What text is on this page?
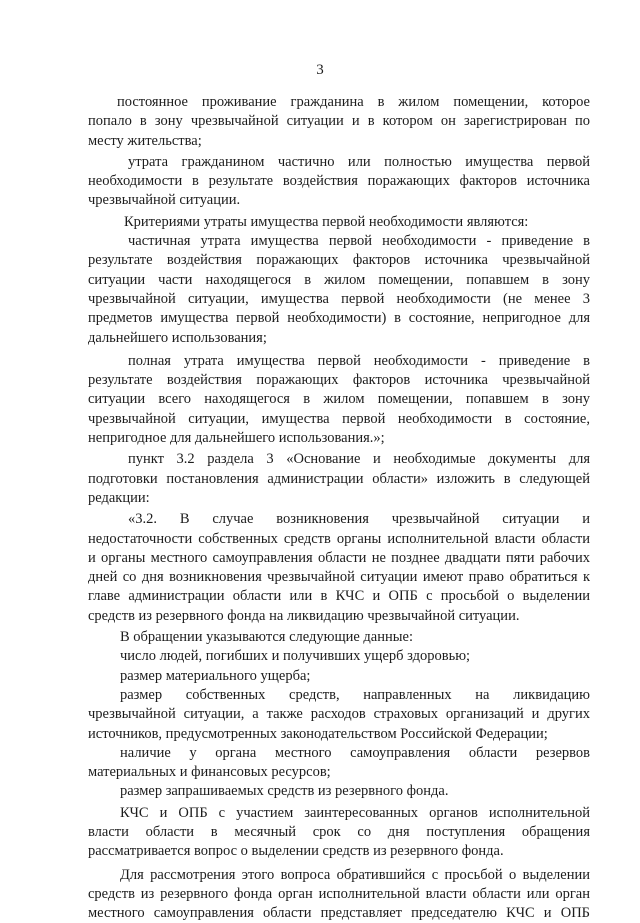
3
постоянное проживание гражданина в жилом помещении, которое
попало в зону чрезвычайной ситуации и в котором он зарегистрирован по
месту жительства;
утрата гражданином частично или полностью имущества первой
необходимости в результате воздействия поражающих факторов источника
чрезвычайной ситуации.
Критериями утраты имущества первой необходимости являются:
частичная утрата имущества первой необходимости - приведение в
результате воздействия поражающих факторов источника чрезвычайной
ситуации части находящегося в жилом помещении, попавшем в зону
чрезвычайной ситуации, имущества первой необходимости (не менее 3
предметов имущества первой необходимости) в состояние, непригодное для
дальнейшего использования;
полная утрата имущества первой необходимости - приведение в
результате воздействия поражающих факторов источника чрезвычайной
ситуации всего находящегося в жилом помещении, попавшем в зону
чрезвычайной ситуации, имущества первой необходимости в состояние,
непригодное для дальнейшего использования.»;
пункт 3.2 раздела 3 «Основание и необходимые документы для
подготовки постановления администрации области» изложить в следующей
редакции:
«3.2. В случае возникновения чрезвычайной ситуации и
недостаточности собственных средств органы исполнительной власти области
и органы местного самоуправления области не позднее двадцати пяти рабочих
дней со дня возникновения чрезвычайной ситуации имеют право обратиться к
главе администрации области или в КЧС и ОПБ с просьбой о выделении
средств из резервного фонда на ликвидацию чрезвычайной ситуации.
В обращении указываются следующие данные:
число людей, погибших и получивших ущерб здоровью;
размер материального ущерба;
размер собственных средств, направленных на ликвидацию
чрезвычайной ситуации, а также расходов страховых организаций и других
источников, предусмотренных законодательством Российской Федерации;
наличие у органа местного самоуправления области резервов
материальных и финансовых ресурсов;
размер запрашиваемых средств из резервного фонда.
КЧС и ОПБ с участием заинтересованных органов исполнительной
власти области в месячный срок со дня поступления обращения
рассматривается вопрос о выделении средств из резервного фонда.
Для рассмотрения этого вопроса обратившийся с просьбой о выделении
средств из резервного фонда орган исполнительной власти области или орган
местного самоуправления области представляет председателю КЧС и ОПБ
